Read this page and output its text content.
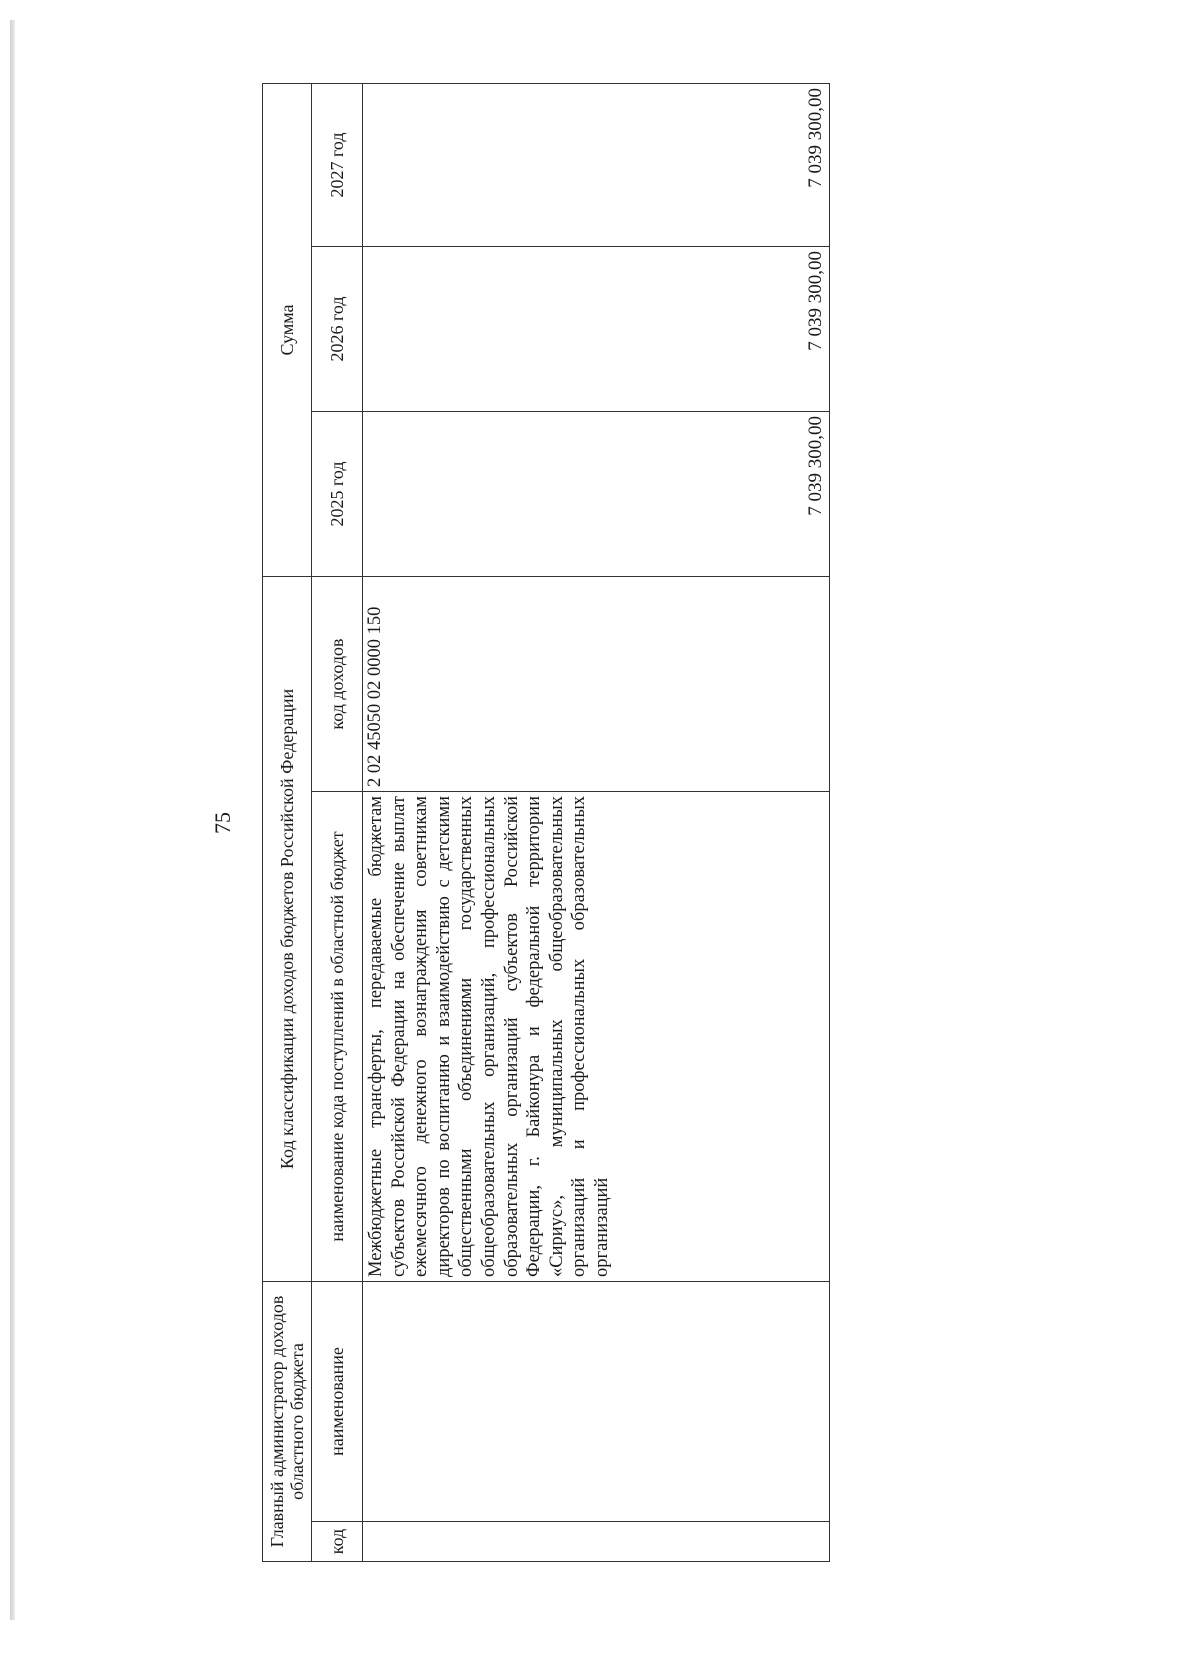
75
Главный администратор доходов областного бюджета		Код классификации доходов бюджетов Российской Федерации		Сумма		
код	наименование	наименование кода поступлений в областной бюджет	код доходов	2025 год	2026 год	2027 год
		Межбюджетные трансферты, передаваемые бюджетам субъектов Российской Федерации на обеспечение выплат ежемесячного денежного вознаграждения советникам директоров по воспитанию и взаимодействию с детскими общественными объединениями государственных общеобразовательных организаций, профессиональных образовательных организаций субъектов Российской Федерации, г. Байконура и федеральной территории «Сириус», муниципальных общеобразовательных организаций и профессиональных образовательных организаций	2 02 45050 02 0000 150	7 039 300,00	7 039 300,00	7 039 300,00
